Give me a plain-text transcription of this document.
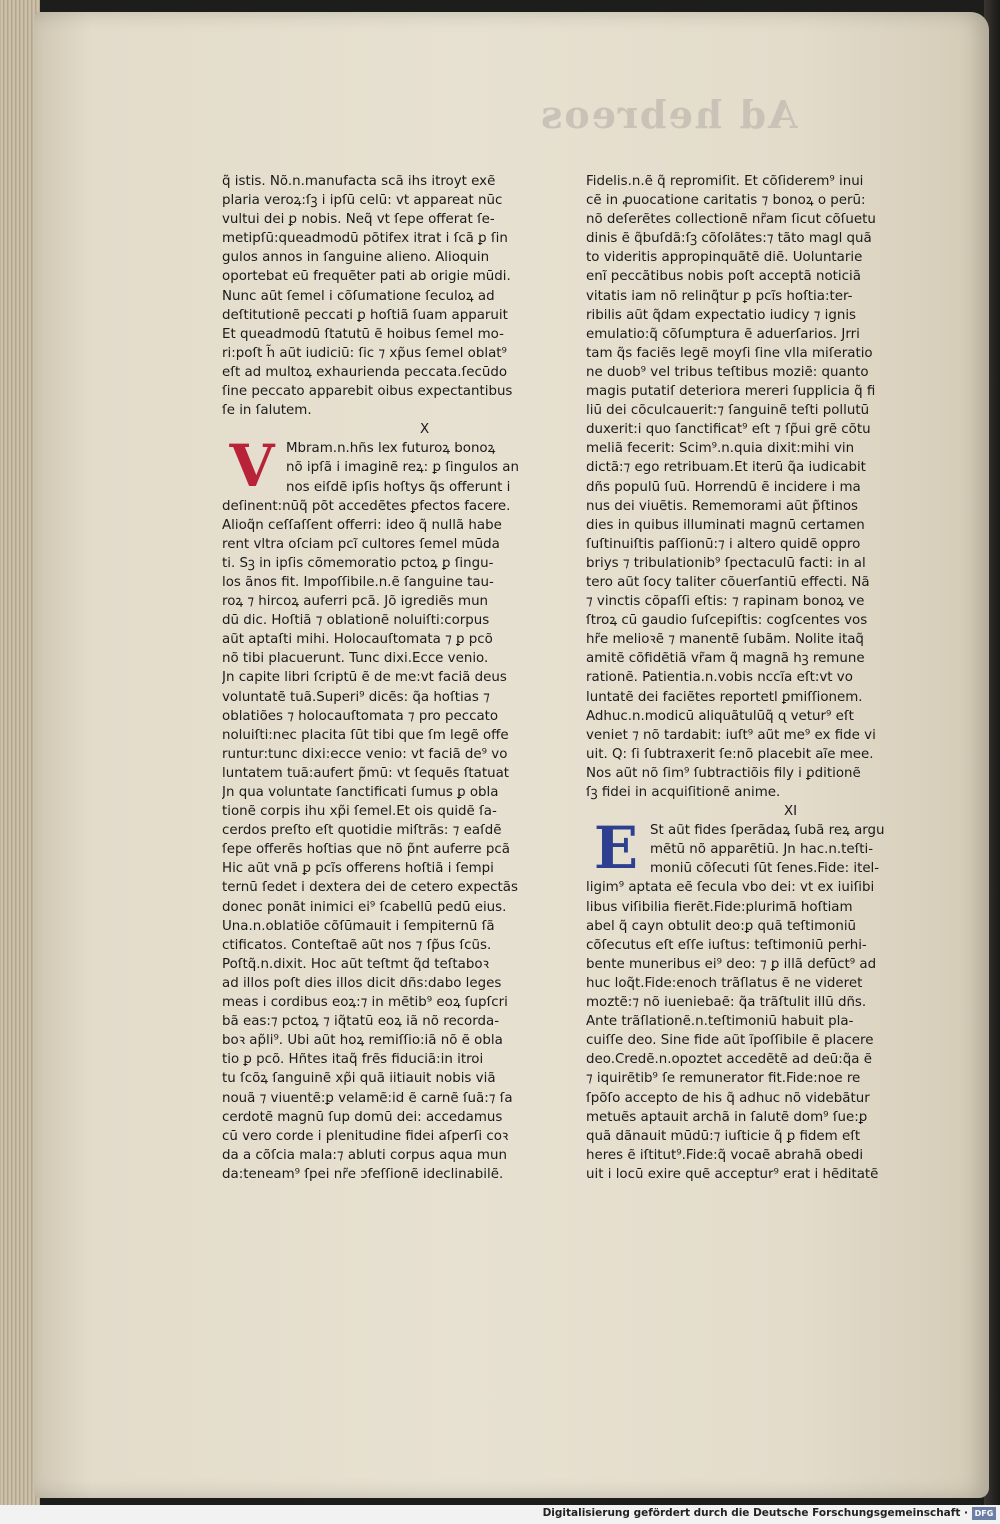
Ad hebreos
q̃ istis. Nõ.n.manufacta scã ihs itroyt exẽ
plaria veroꝝ:ſꝫ i ipſū celū: vt appareat nūc
vultui dei ꝑ nobis. Neq̃ vt ſepe offerat ſe-
metipſū:queadmodū põtifex itrat i ſcã ꝑ ſin
gulos annos in ſanguine alieno. Alioquin
oportebat eū frequẽter pati ab origie mūdi.
Nunc aũt ſemel i cõſumatione ſeculoꝝ ad
deſtitutionẽ peccati ꝑ hoſtiã ſuam apparuit
Et queadmodū ſtatutū ẽ hoibus ſemel mo-
ri:poſt h̃ aũt iudiciū: ſic ⁊ xp̃us ſemel oblat⁹
eſt ad multoꝝ exhaurienda peccata.ſecūdo
ſine peccato apparebit oibus expectantibus
ſe in ſalutem.
X
V Mbram.n.hñs lex futuroꝝ bonoꝝ
nõ ipſã i imaginẽ reꝝ: ꝑ ſingulos an
nos eiſdẽ ipſis hoſtys q̃s offerunt i
deſinent:nūq̃ põt accedẽtes ꝑfectos facere.
Alioq̃n ceſſaſſent offerri: ideo q̃ nullã habe
rent vltra oſciam pcĩ cultores ſemel mūda
ti. Sꝫ in ipſis cõmemoratio pctoꝝ ꝑ ſingu-
los ãnos fit. Impoſſibile.n.ẽ ſanguine tau-
roꝝ ⁊ hircoꝝ auferri pcã. Jõ igrediẽs mun
dū dic. Hoſtiã ⁊ oblationẽ noluiſti:corpus
aũt aptaſti mihi. Holocauſtomata ⁊ ꝑ pcõ
nõ tibi placuerunt. Tunc dixi.Ecce venio.
Jn capite libri ſcriptū ẽ de me:vt faciã deus
voluntatẽ tuã.Superi⁹ dicẽs: q̃a hoſtias ⁊
oblatiões ⁊ holocauſtomata ⁊ pro peccato
noluiſti:nec placita ſūt tibi que ſm legẽ offe
runtur:tunc dixi:ecce venio: vt faciã de⁹ vo
luntatem tuã:aufert p̃mū: vt ſequẽs ſtatuat
Jn qua voluntate ſanctificati ſumus ꝑ obla
tionẽ corpis ihu xp̃i ſemel.Et ois quidẽ ſa-
cerdos preſto eſt quotidie miſtrãs: ⁊ eaſdẽ
ſepe offerẽs hoſtias que nõ p̃nt auferre pcã
Hic aũt vnã ꝑ pcĩs offerens hoſtiã i ſempi
ternū ſedet i dextera dei de cetero expectãs
donec ponãt inimici ei⁹ ſcabellū pedū eius.
Una.n.oblatiõe cõſūmauit i ſempiternū ſã
ctificatos. Conteſtaẽ aũt nos ⁊ ſp̃us ſcũs.
Poſtq̃.n.dixit. Hoc aũt teſtmt q̃d teſtaboꝛ
ad illos poſt dies illos dicit dñs:dabo leges
meas i cordibus eoꝝ:⁊ in mẽtib⁹ eoꝝ ſupſcri
bã eas:⁊ pctoꝝ ⁊ iq̃tatū eoꝝ iã nõ recorda-
boꝛ ap̃li⁹. Ubi aũt hoꝝ remiſſio:iã nõ ẽ obla
tio ꝑ pcõ. Hñtes itaq̃ frẽs fiduciã:in itroi
tu ſcõꝝ ſanguinẽ xp̃i quã iitiauit nobis viã
nouã ⁊ viuentẽ:ꝑ velamẽ:id ẽ carnẽ ſuã:⁊ ſa
cerdotẽ magnū ſup domū dei: accedamus
cū vero corde i plenitudine fidei aſperſi coꝛ
da a cõſcia mala:⁊ abluti corpus aqua mun
da:teneam⁹ ſpei nr̃e ↄfeſſionẽ ideclinabilẽ.
Fidelis.n.ẽ q̃ repromiſit. Et cõſiderem⁹ inui
cẽ in ꝓuocatione caritatis ⁊ bonoꝝ o perū:
nõ deſerẽtes collectionẽ nr̃am ſicut cõſuetu
dinis ẽ q̃buſdã:ſꝫ cõſolãtes:⁊ tãto magl quã
to videritis appropinquãtẽ diẽ. Uoluntarie
enĩ peccãtibus nobis poſt acceptã noticiã
vitatis iam nõ relinq̃tur ꝑ pcĩs hoſtia:ter-
ribilis aũt q̃dam expectatio iudicy ⁊ ignis
emulatio:q̃ cõſumptura ẽ aduerſarios. Jrri
tam q̃s faciẽs legẽ moyſi ſine vlla miſeratio
ne duob⁹ vel tribus teſtibus moziẽ: quanto
magis putatiſ deteriora mereri ſupplicia q̃ fi
liū dei cõculcauerit:⁊ ſanguinẽ teſti pollutū
duxerit:i quo ſanctificat⁹ eſt ⁊ ſp̃ui grẽ cõtu
meliã fecerit: Scim⁹.n.quia dixit:mihi vin
dictã:⁊ ego retribuam.Et iterū q̃a iudicabit
dñs populū ſuū. Horrendū ẽ incidere i ma
nus dei viuẽtis. Rememorami aũt p̃ſtinos
dies in quibus illuminati magnū certamen
ſuſtinuiſtis paſſionū:⁊ i altero quidẽ oppro
briys ⁊ tribulationib⁹ ſpectaculū facti: in al
tero aũt ſocy taliter cõuerſantiū effecti. Nã
⁊ vinctis cõpaſſi eſtis: ⁊ rapinam bonoꝝ ve
ſtroꝝ cū gaudio ſuſcepiſtis: cogſcentes vos
hr̃e melioꝛẽ ⁊ manentẽ ſubãm. Nolite itaq̃
amitẽ cõfidẽtiã vr̃am q̃ magnã hꝫ remune
rationẽ. Patientia.n.vobis nccĩa eſt:vt vo
luntatẽ dei faciẽtes reportetl ꝑmiſſionem.
Adhuc.n.modicū aliquãtulūq̃ ɋ vetur⁹ eſt
veniet ⁊ nõ tardabit: iuſt⁹ aũt me⁹ ex fide vi
uit. Q: ſi ſubtraxerit ſe:nõ placebit aĩe mee.
Nos aũt nõ ſim⁹ ſubtractiõis fily i ꝑditionẽ
ſꝫ fidei in acquiſitionẽ anime.
XI
E St aũt fides ſperãdaꝝ ſubã reꝝ argu
mẽtū nõ apparẽtiū. Jn hac.n.teſti-
moniū cõſecuti ſūt ſenes.Fide: itel-
ligim⁹ aptata eẽ ſecula vbo dei: vt ex iuiſibi
libus viſibilia fierẽt.Fide:plurimã hoſtiam
abel q̃ cayn obtulit deo:ꝑ quã teſtimoniū
cõſecutus eſt eſſe iuſtus: teſtimoniū perhi-
bente muneribus ei⁹ deo: ⁊ ꝑ illã defūct⁹ ad
huc loq̃t.Fide:enoch trãſlatus ẽ ne videret
moztẽ:⁊ nõ iueniebaẽ: q̃a trãſtulit illū dñs.
Ante trãſlationẽ.n.teſtimoniū habuit pla-
cuiſſe deo. Sine fide aũt ĩpoſſibile ẽ placere
deo.Credẽ.n.opoztet accedẽtẽ ad deū:q̃a ẽ
⁊ iquirẽtib⁹ ſe remunerator fit.Fide:noe re
ſpõſo accepto de his q̃ adhuc nõ videbãtur
metuẽs aptauit archã in ſalutẽ dom⁹ ſue:ꝑ
quã dãnauit mūdū:⁊ iuſticie q̃ ꝑ fidem eſt
heres ẽ iſtitut⁹.Fide:q̃ vocaẽ abrahã obedi
uit i locū exire quẽ acceptur⁹ erat i hẽditatẽ
Digitalisierung gefördert durch die Deutsche Forschungsgemeinschaft · DFG
